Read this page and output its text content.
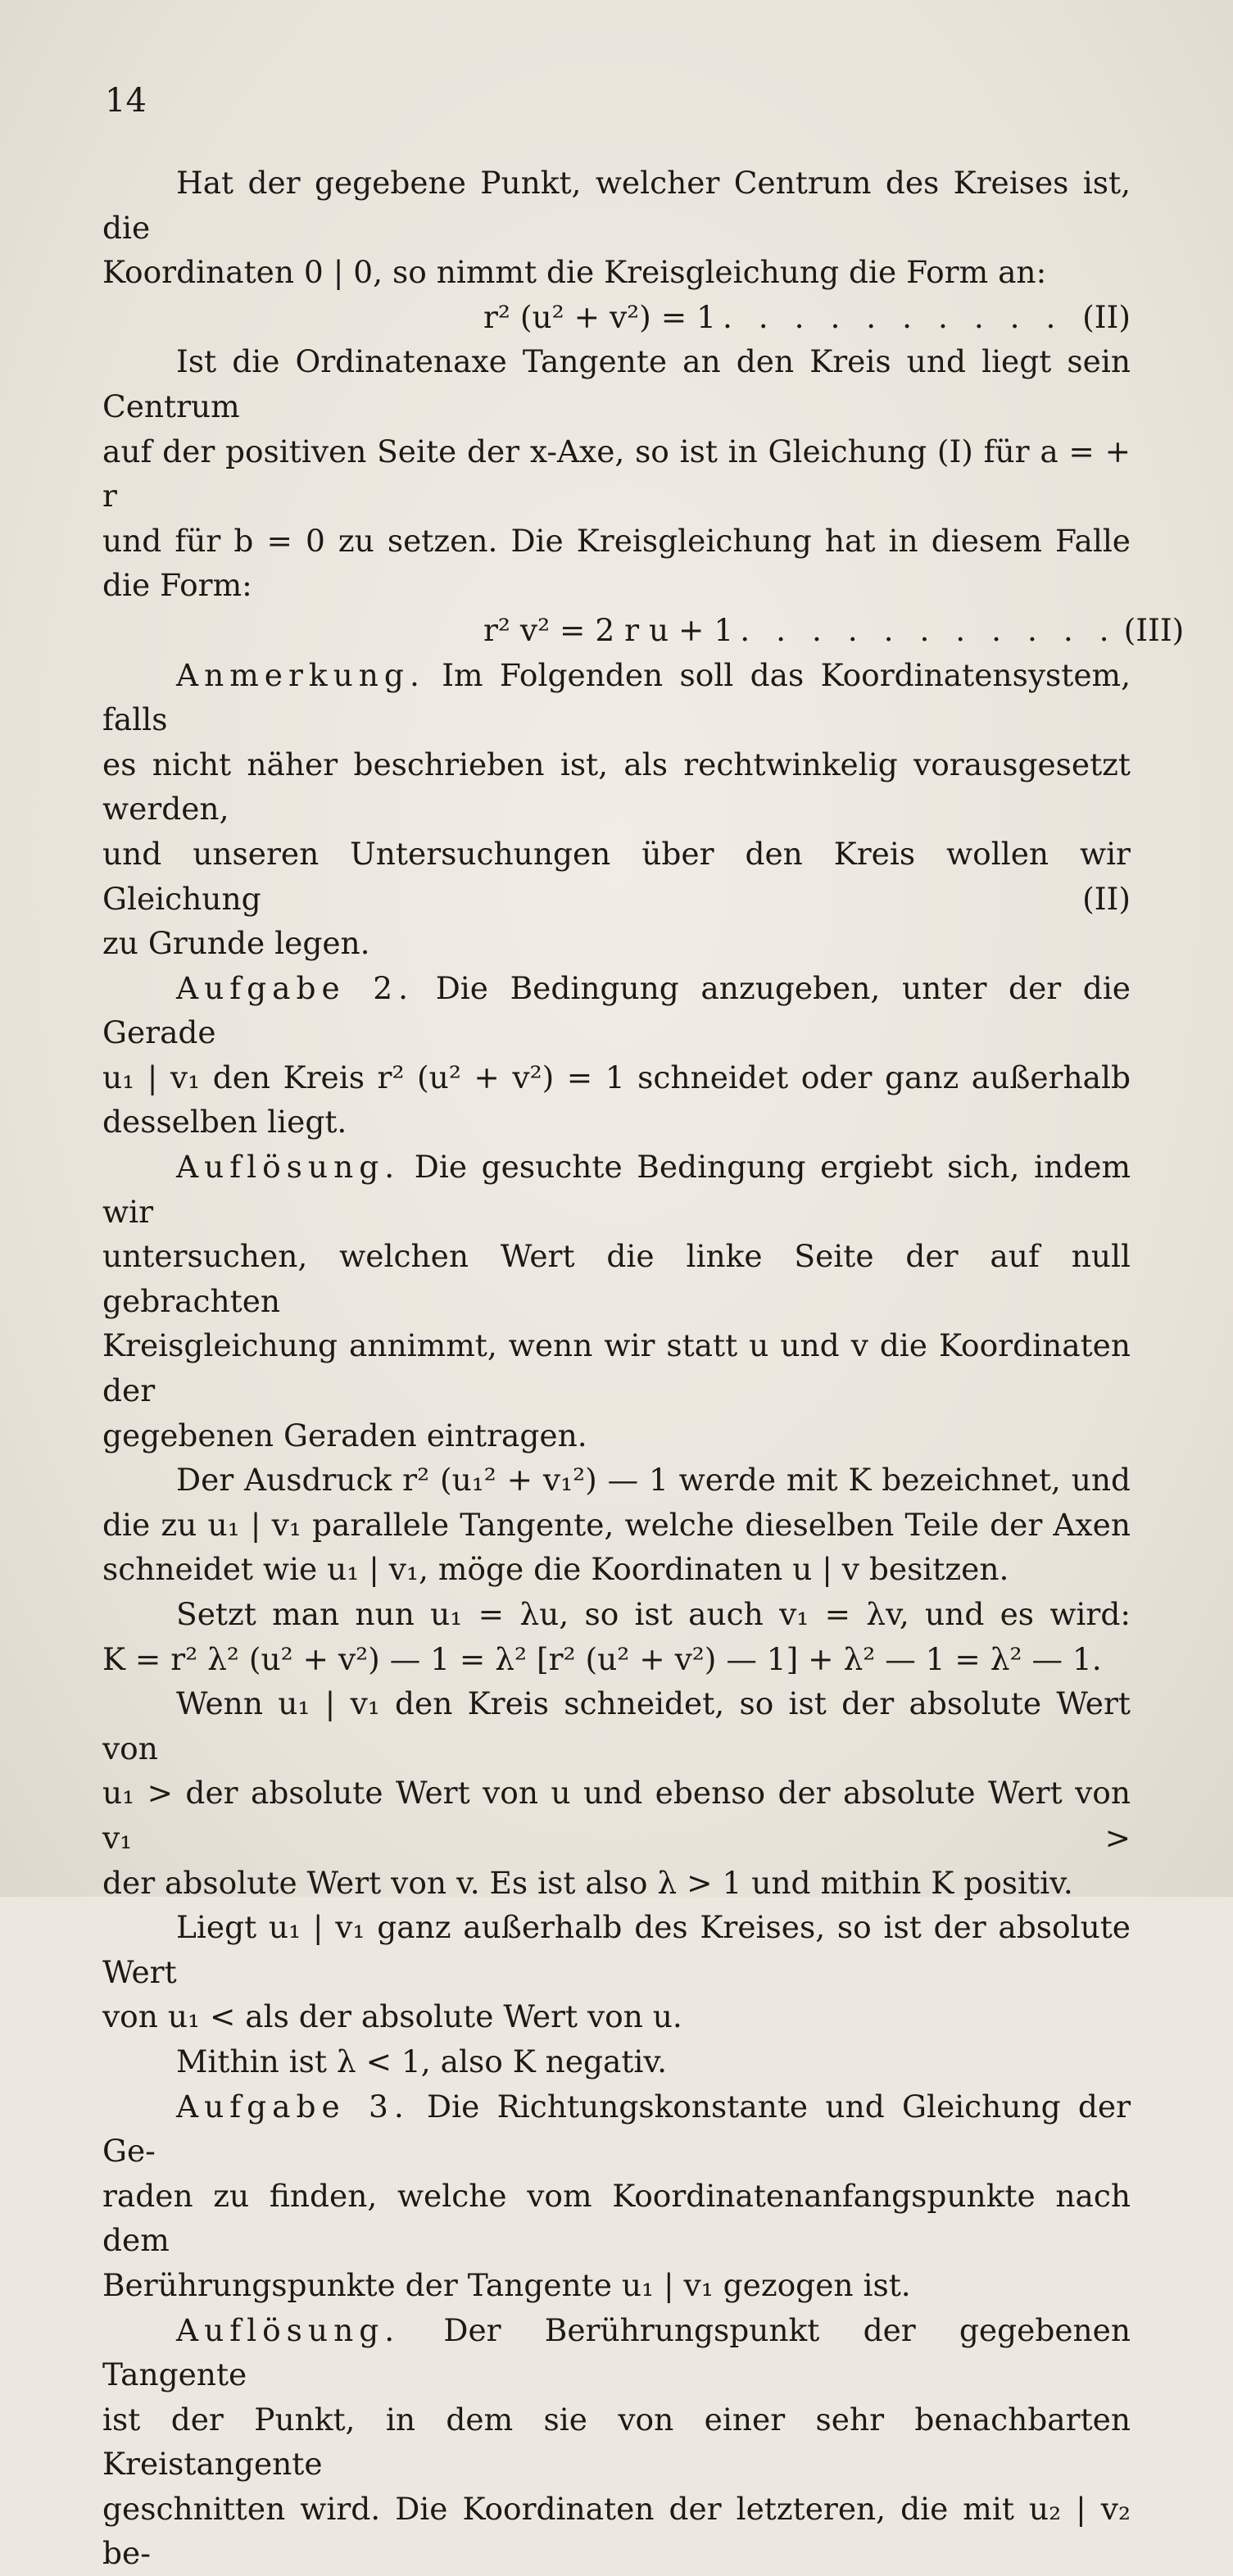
14

Hat der gegebene Punkt, welcher Centrum des Kreises ist, die

Koordinaten 0 | 0, so nimmt die Kreisgleichung die Form an:

r² (u² + v²) = 1 . . . . . . . . . . (II)

Ist die Ordinatenaxe Tangente an den Kreis und liegt sein Centrum

auf der positiven Seite der x-Axe, so ist in Gleichung (I) für a = + r

und für b = 0 zu setzen. Die Kreisgleichung hat in diesem Falle

die Form:

r² v² = 2 r u + 1 . . . . . . . . . . . (III)

Anmerkung. Im Folgenden soll das Koordinatensystem, falls

es nicht näher beschrieben ist, als rechtwinkelig vorausgesetzt werden,

und unseren Untersuchungen über den Kreis wollen wir Gleichung (II)

zu Grunde legen.

Aufgabe 2. Die Bedingung anzugeben, unter der die Gerade

u₁ | v₁ den Kreis r² (u² + v²) = 1 schneidet oder ganz außerhalb

desselben liegt.

Auflösung. Die gesuchte Bedingung ergiebt sich, indem wir

untersuchen, welchen Wert die linke Seite der auf null gebrachten

Kreisgleichung annimmt, wenn wir statt u und v die Koordinaten der

gegebenen Geraden eintragen.

Der Ausdruck r² (u₁² + v₁²) — 1 werde mit K bezeichnet, und

die zu u₁ | v₁ parallele Tangente, welche dieselben Teile der Axen

schneidet wie u₁ | v₁, möge die Koordinaten u | v besitzen.

Setzt man nun u₁ = λu, so ist auch v₁ = λv, und es wird:

K = r² λ² (u² + v²) — 1 = λ² [r² (u² + v²) — 1] + λ² — 1 = λ² — 1.

Wenn u₁ | v₁ den Kreis schneidet, so ist der absolute Wert von

u₁ > der absolute Wert von u und ebenso der absolute Wert von v₁ >

der absolute Wert von v. Es ist also λ > 1 und mithin K positiv.

Liegt u₁ | v₁ ganz außerhalb des Kreises, so ist der absolute Wert

von u₁ < als der absolute Wert von u.

Mithin ist λ < 1, also K negativ.

Aufgabe 3. Die Richtungskonstante und Gleichung der Ge-

raden zu finden, welche vom Koordinatenanfangspunkte nach dem

Berührungspunkte der Tangente u₁ | v₁ gezogen ist.

Auflösung. Der Berührungspunkt der gegebenen Tangente

ist der Punkt, in dem sie von einer sehr benachbarten Kreistangente

geschnitten wird. Die Koordinaten der letzteren, die mit u₂ | v₂ be-
